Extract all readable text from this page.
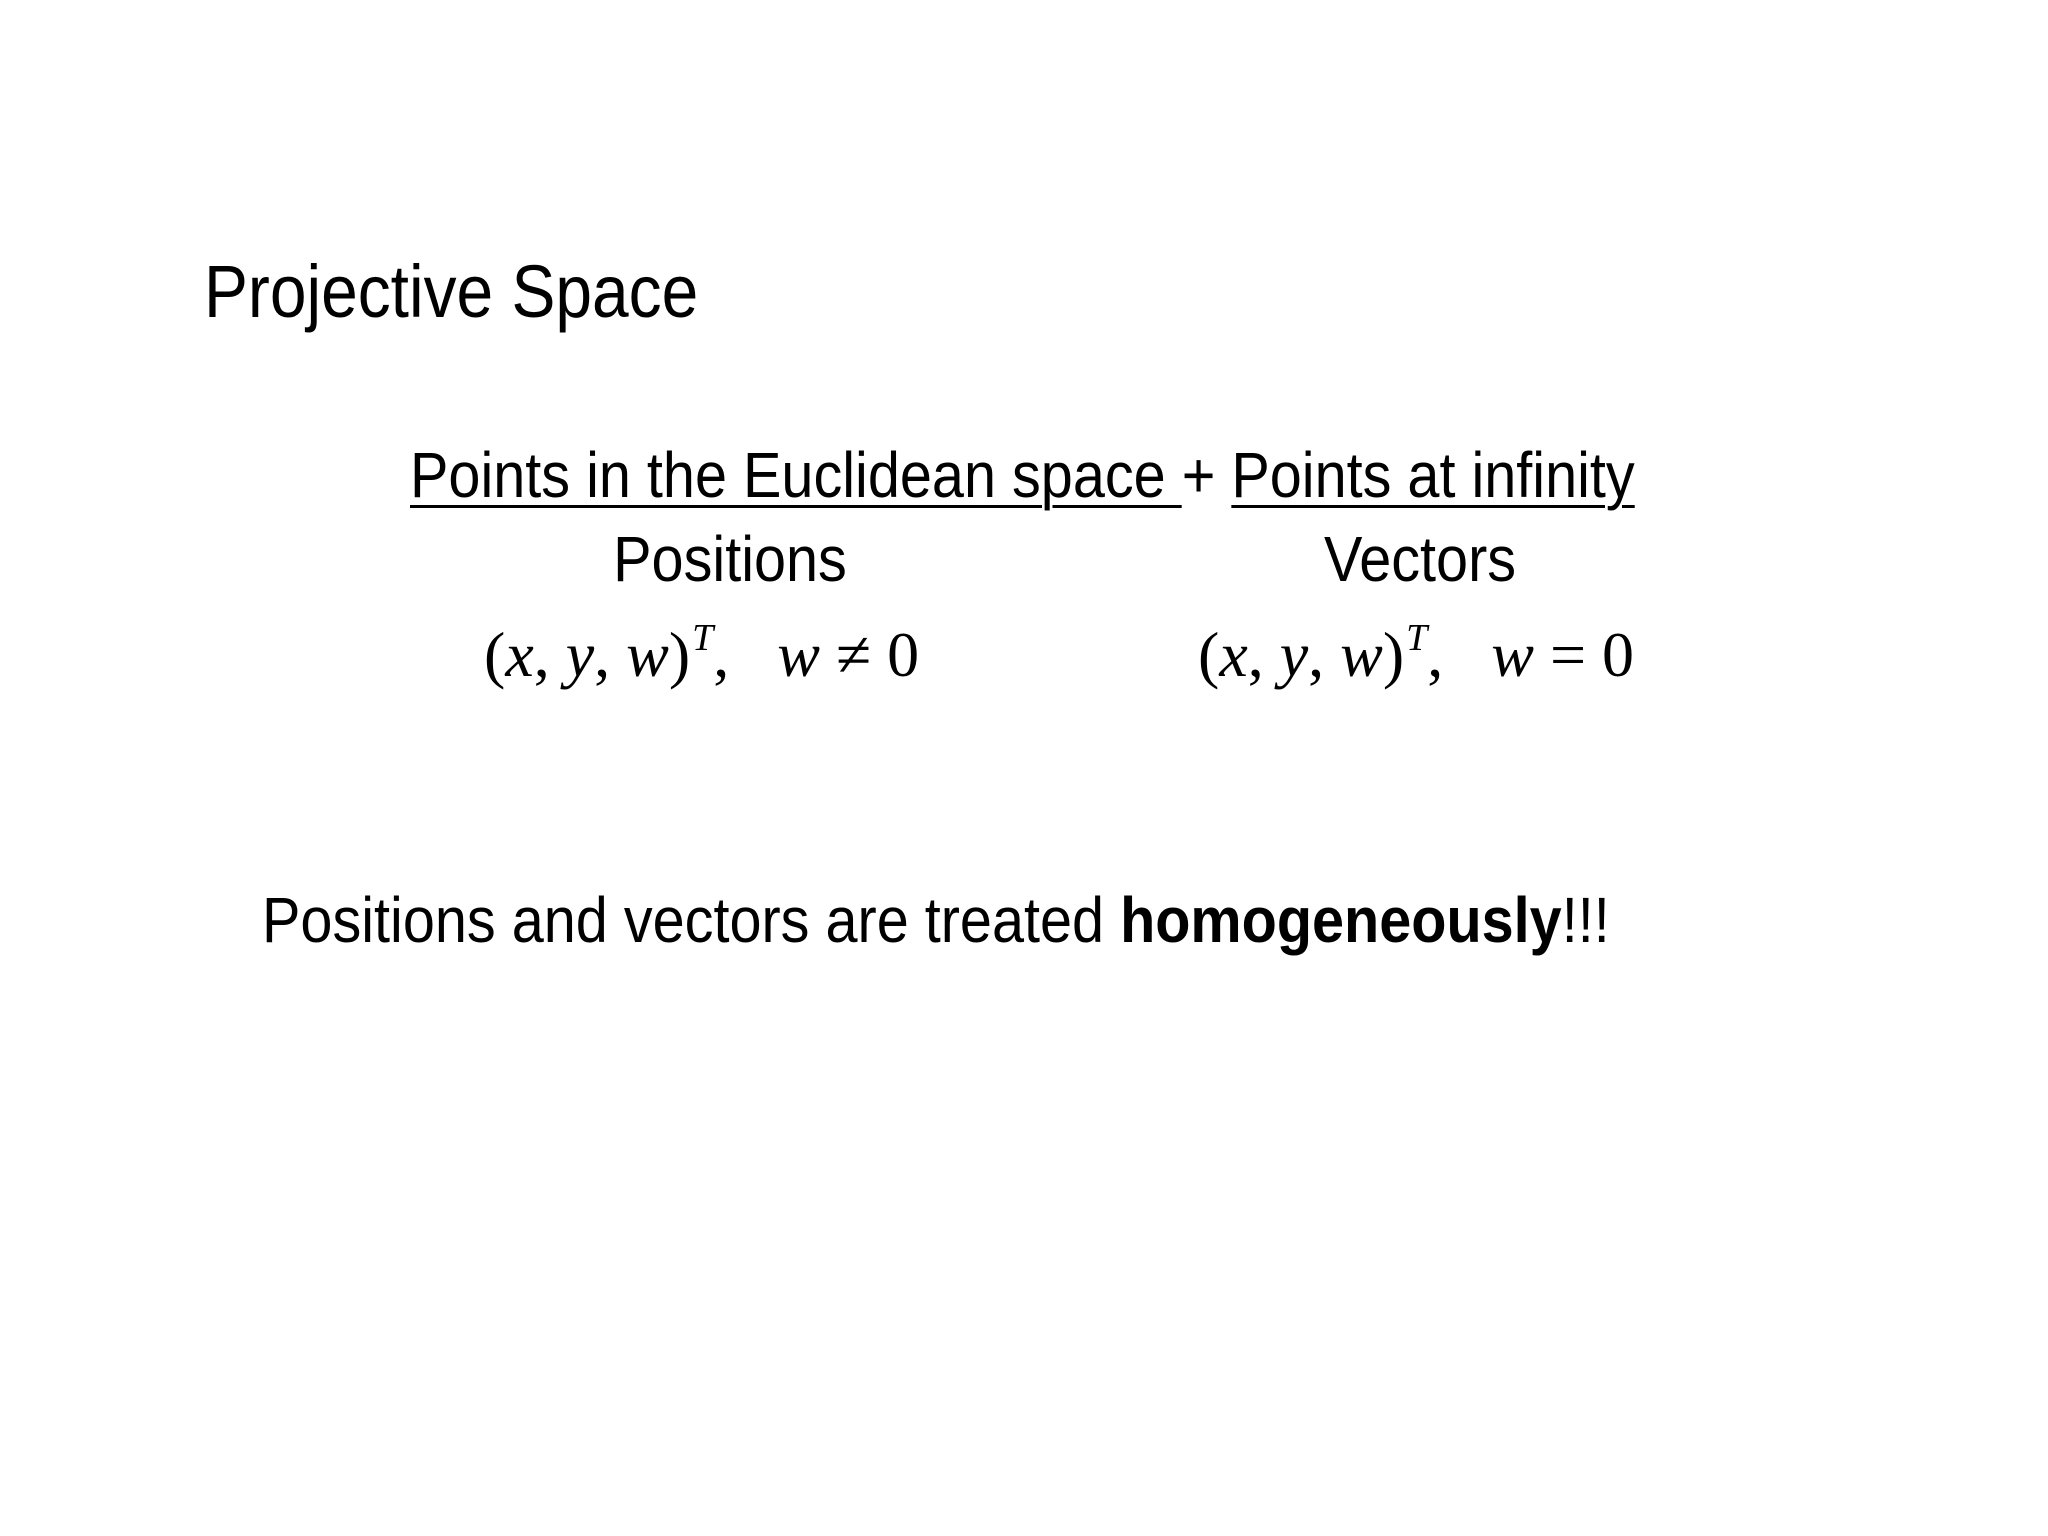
Projective Space
Points in the Euclidean space + Points at infinity
Positions	Vectors
(x, y, w)$^T$, w ≠ 0	(x, y, w)$^T$, w = 0
Positions and vectors are treated homogeneously!!!
